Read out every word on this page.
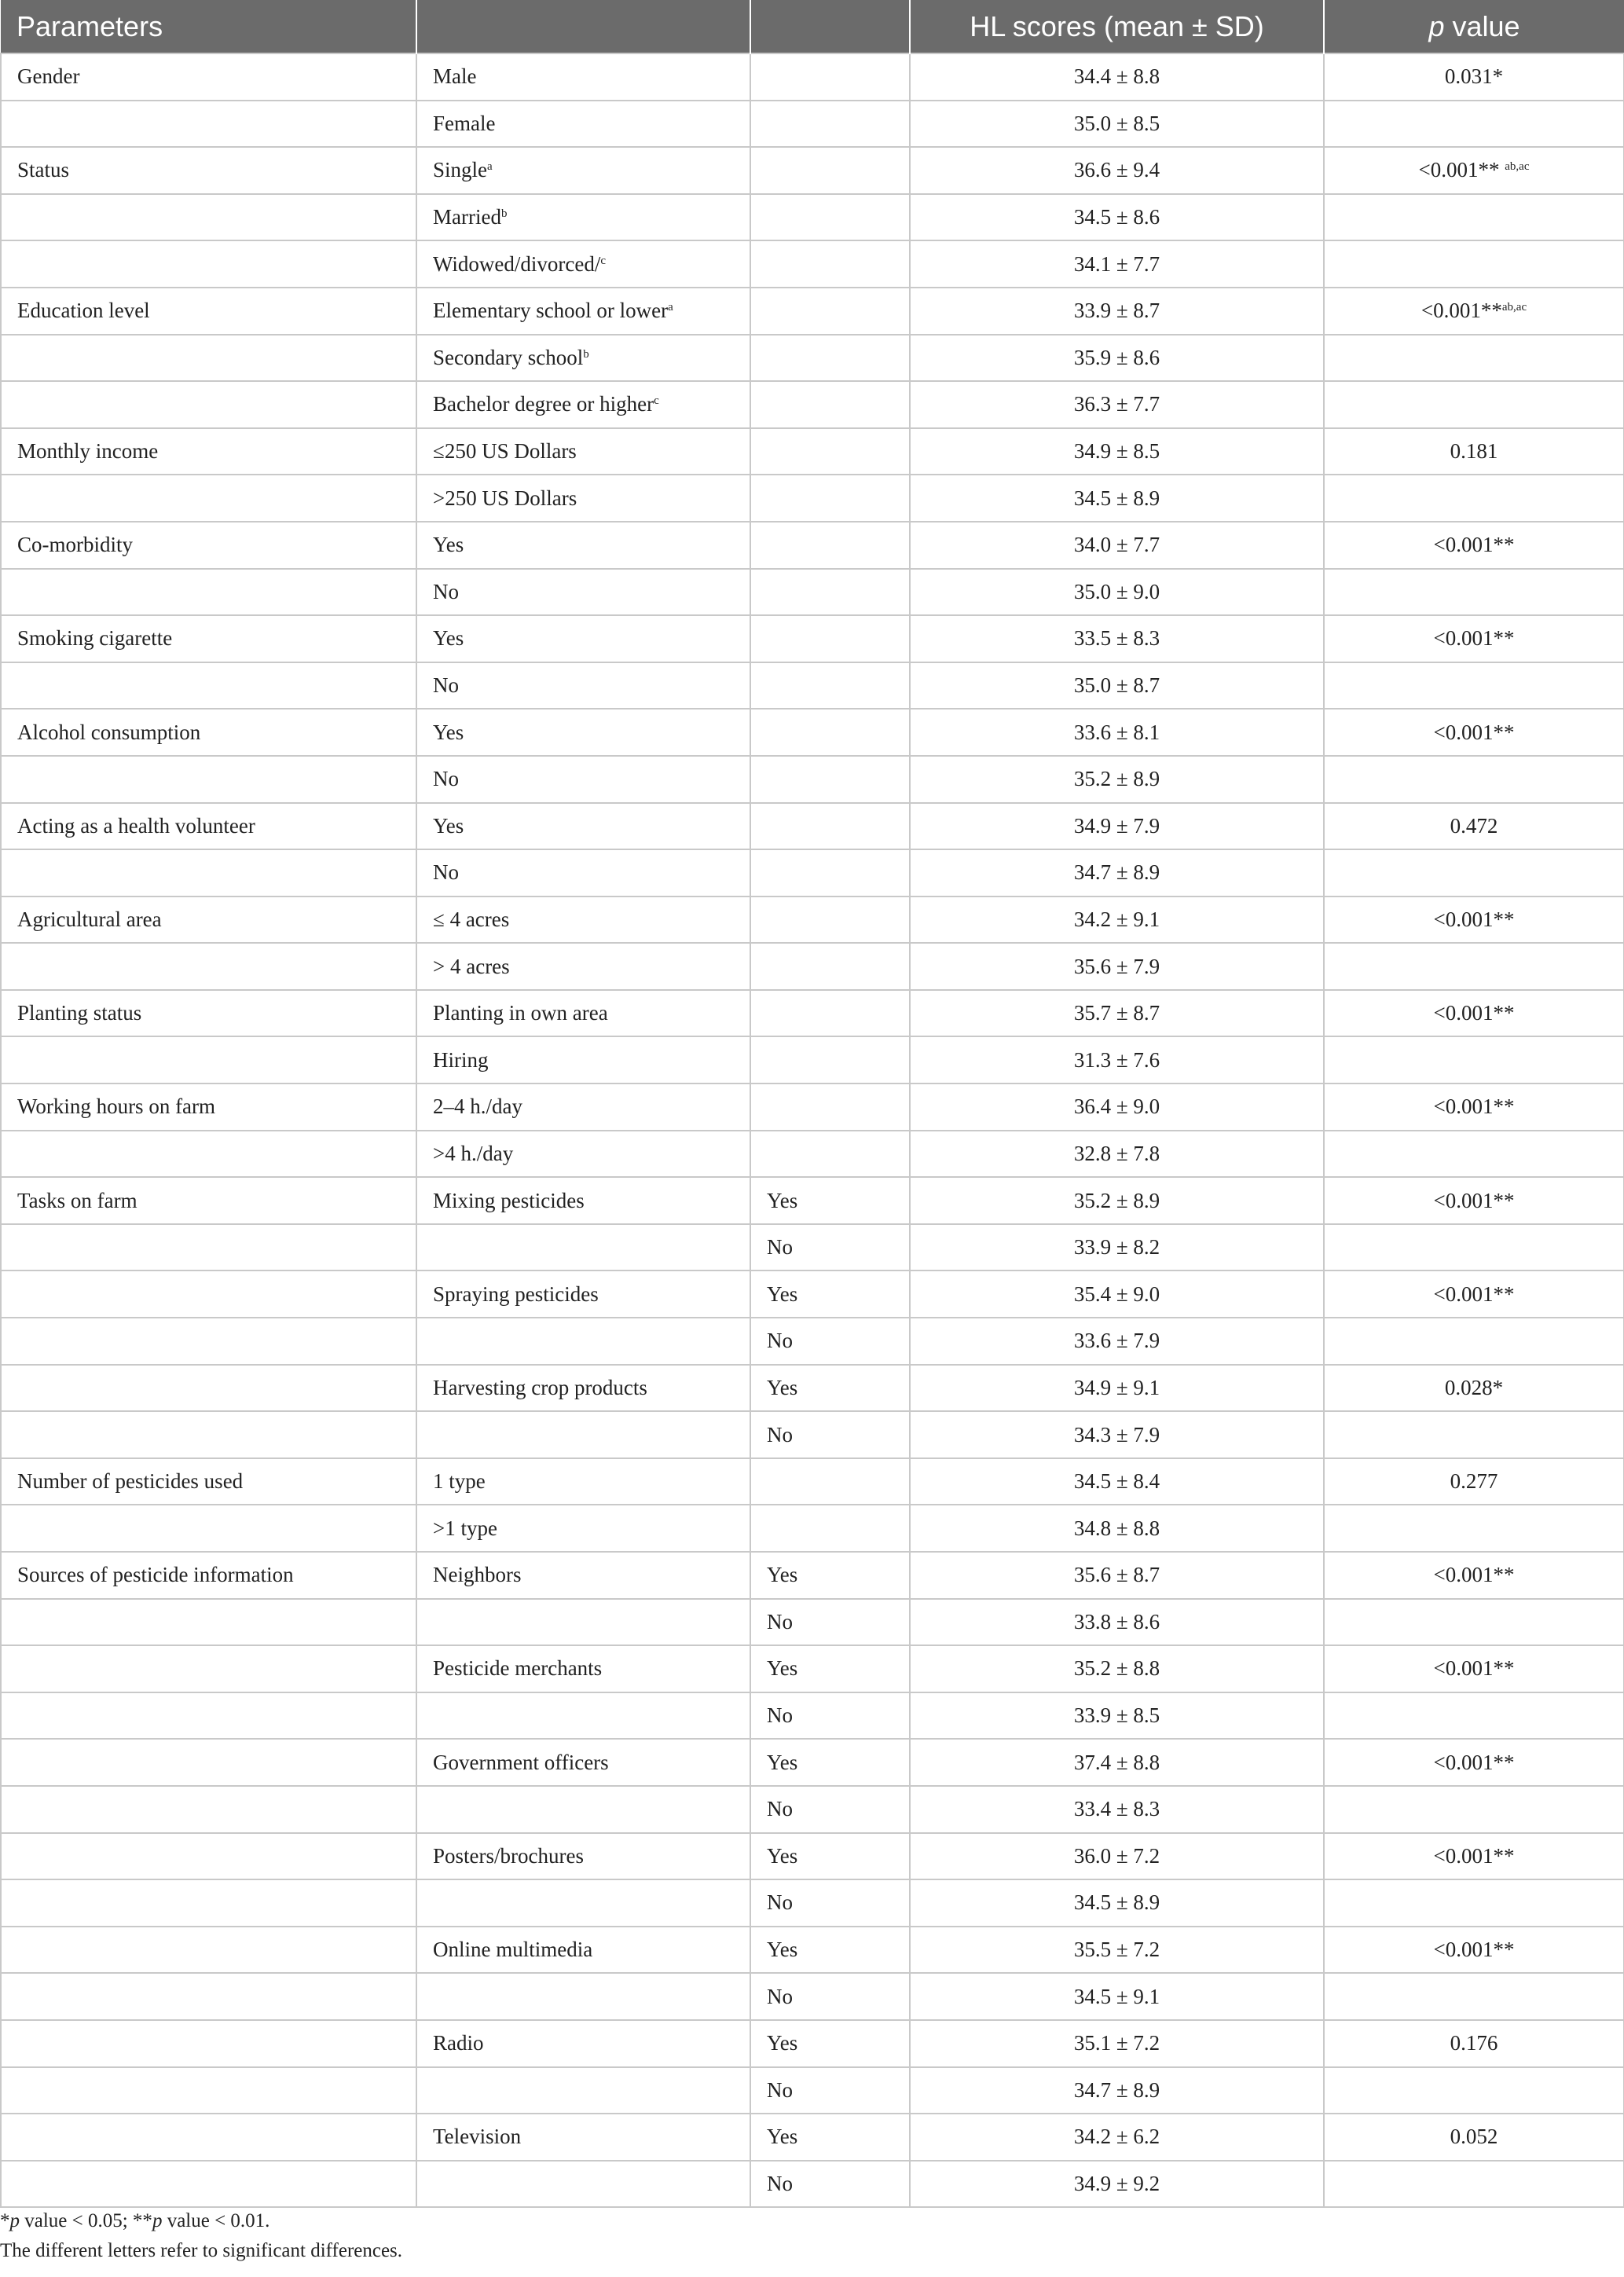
Parameters			HL scores (mean ± SD)	p value
Gender	Male		34.4 ± 8.8	0.031*
	Female		35.0 ± 8.5	
Status	Single$^a$		36.6 ± 9.4	<0.001** $^{ab,ac}$
	Married$^b$		34.5 ± 8.6	
	Widowed/divorced/$^c$		34.1 ± 7.7	
Education level	Elementary school or lower$^a$		33.9 ± 8.7	<0.001**$^{ab,ac}$
	Secondary school$^b$		35.9 ± 8.6	
	Bachelor degree or higher$^c$		36.3 ± 7.7	
Monthly income	≤250 US Dollars		34.9 ± 8.5	0.181
	>250 US Dollars		34.5 ± 8.9	
Co-morbidity	Yes		34.0 ± 7.7	<0.001**
	No		35.0 ± 9.0	
Smoking cigarette	Yes		33.5 ± 8.3	<0.001**
	No		35.0 ± 8.7	
Alcohol consumption	Yes		33.6 ± 8.1	<0.001**
	No		35.2 ± 8.9	
Acting as a health volunteer	Yes		34.9 ± 7.9	0.472
	No		34.7 ± 8.9	
Agricultural area	≤ 4 acres		34.2 ± 9.1	<0.001**
	> 4 acres		35.6 ± 7.9	
Planting status	Planting in own area		35.7 ± 8.7	<0.001**
	Hiring		31.3 ± 7.6	
Working hours on farm	2–4 h./day		36.4 ± 9.0	<0.001**
	>4 h./day		32.8 ± 7.8	
Tasks on farm	Mixing pesticides	Yes	35.2 ± 8.9	<0.001**
		No	33.9 ± 8.2	
	Spraying pesticides	Yes	35.4 ± 9.0	<0.001**
		No	33.6 ± 7.9	
	Harvesting crop products	Yes	34.9 ± 9.1	0.028*
		No	34.3 ± 7.9	
Number of pesticides used	1 type		34.5 ± 8.4	0.277
	>1 type		34.8 ± 8.8	
Sources of pesticide information	Neighbors	Yes	35.6 ± 8.7	<0.001**
		No	33.8 ± 8.6	
	Pesticide merchants	Yes	35.2 ± 8.8	<0.001**
		No	33.9 ± 8.5	
	Government officers	Yes	37.4 ± 8.8	<0.001**
		No	33.4 ± 8.3	
	Posters/brochures	Yes	36.0 ± 7.2	<0.001**
		No	34.5 ± 8.9	
	Online multimedia	Yes	35.5 ± 7.2	<0.001**
		No	34.5 ± 9.1	
	Radio	Yes	35.1 ± 7.2	0.176
		No	34.7 ± 8.9	
	Television	Yes	34.2 ± 6.2	0.052
		No	34.9 ± 9.2	
*p value < 0.05; **p value < 0.01.
The different letters refer to significant differences.
